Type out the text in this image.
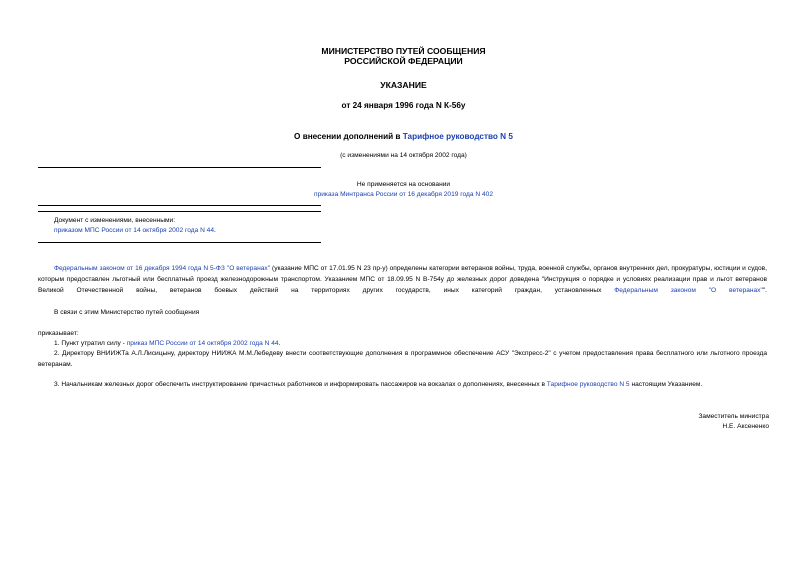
МИНИСТЕРСТВО ПУТЕЙ СООБЩЕНИЯ
РОССИЙСКОЙ ФЕДЕРАЦИИ
УКАЗАНИЕ
от 24 января 1996 года N К-56у
О внесении дополнений в Тарифное руководство N 5
(с изменениями на 14 октября 2002 года)
Не применяется на основании
приказа Минтранса России от 16 декабря 2019 года N 402
Документ с изменениями, внесенными:
приказом МПС России от 14 октября 2002 года N 44.
Федеральным законом от 16 декабря 1994 года N 5-ФЗ "О ветеранах" (указание МПС от 17.01.95 N 23 пр-у) определены категории ветеранов войны, труда, военной службы, органов внутренних дел, прокуратуры, юстиции и судов, которым предоставлен льготный или бесплатный проезд железнодорожным транспортом. Указанием МПС от 18.09.95 N В-754у до железных дорог доведена "Инструкция о порядке и условиях реализации прав и льгот ветеранов Великой Отечественной войны, ветеранов боевых действий на территориях других государств, иных категорий граждан, установленных Федеральным законом "О ветеранах"".
В связи с этим Министерство путей сообщения
приказывает:
1. Пункт утратил силу - приказ МПС России от 14 октября 2002 года N 44.
2. Директору ВНИИЖТа А.Л.Лисицыну, директору НИИЖА М.М.Лебедеву внести соответствующие дополнения в программное обеспечение АСУ "Экспресс-2" с учетом предоставления права бесплатного или льготного проезда ветеранам.
3. Начальникам железных дорог обеспечить инструктирование причастных работников и информировать пассажиров на вокзалах о дополнениях, внесенных в Тарифное руководство N 5 настоящим Указанием.
Заместитель министра
Н.Е. Аксененко
